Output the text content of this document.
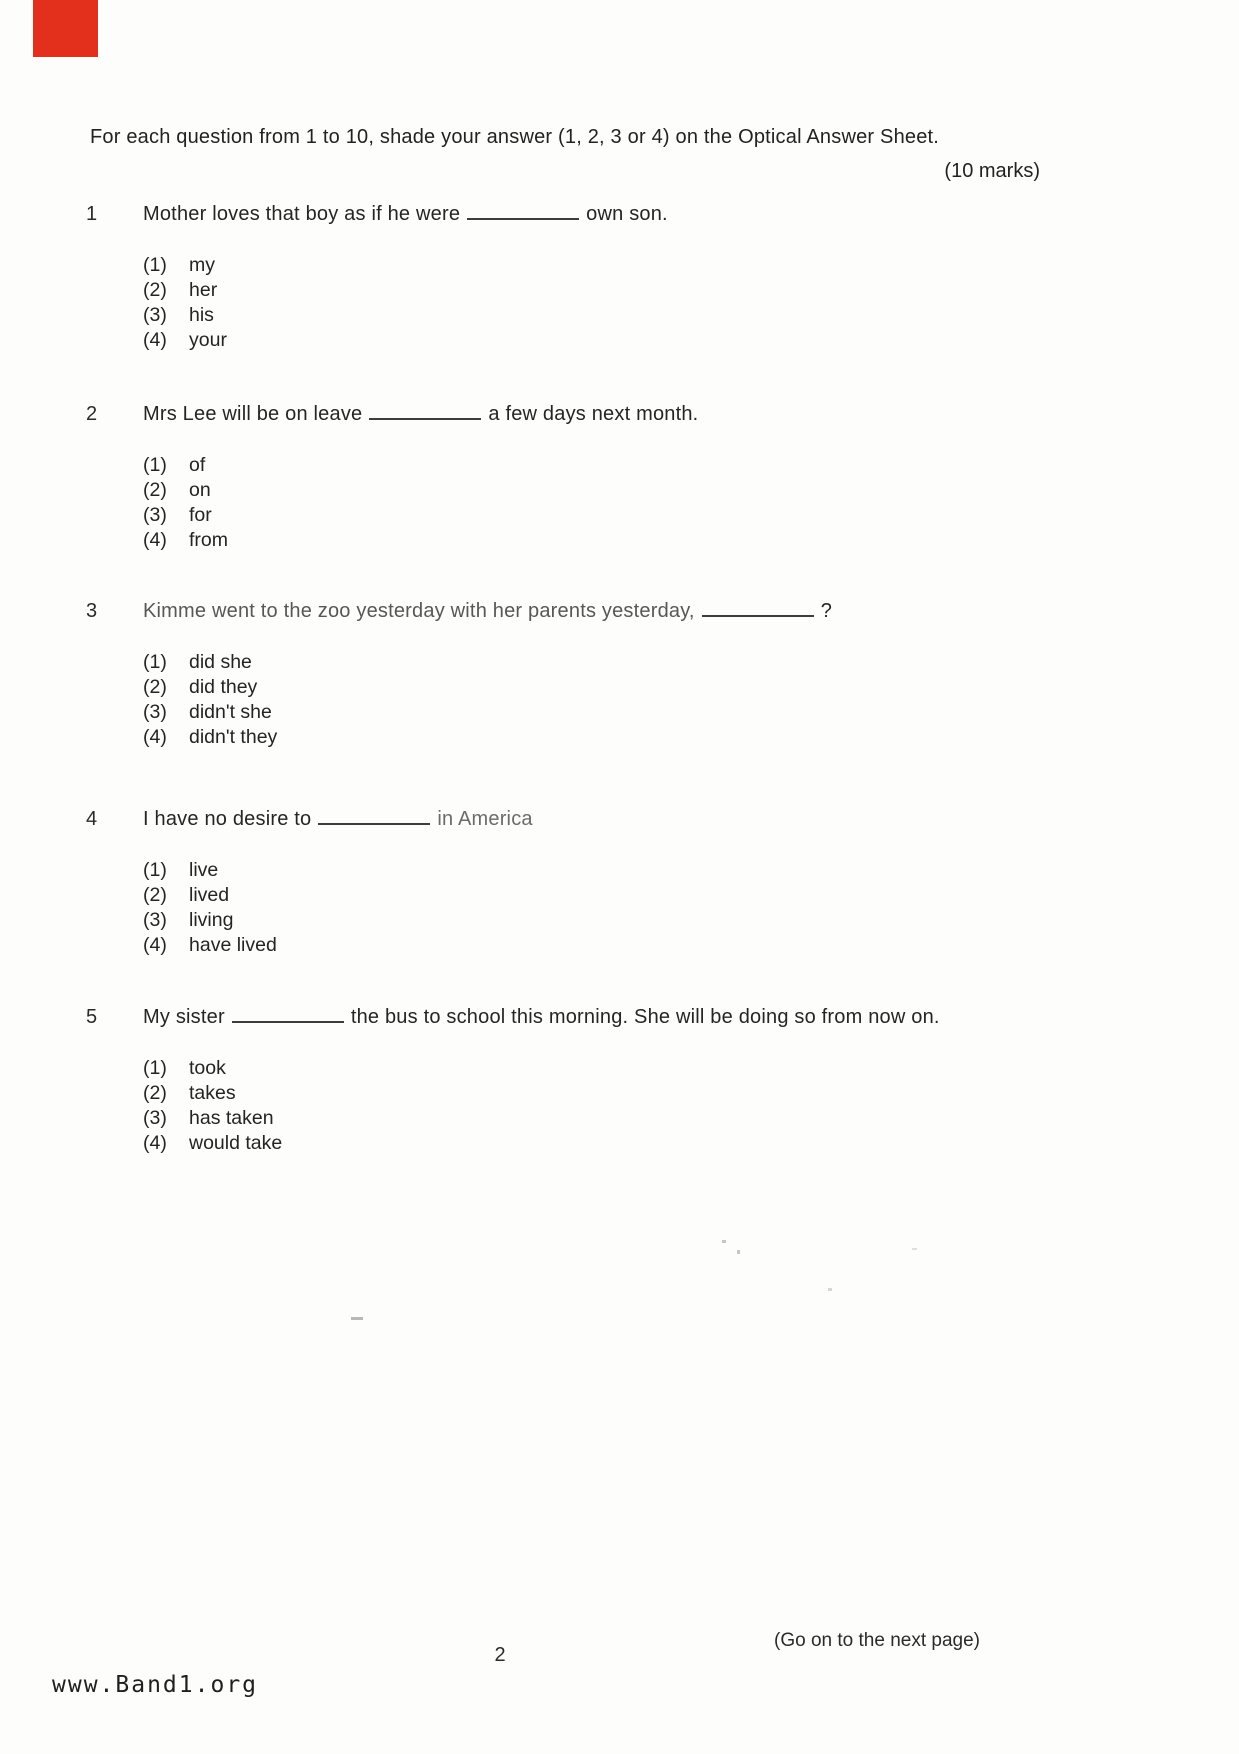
For each question from 1 to 10, shade your answer (1, 2, 3 or 4) on the Optical Answer Sheet.
(10 marks)
1	Mother loves that boy as if he were	own son.
(1)	my
(2)	her
(3)	his
(4)	your
2	Mrs Lee will be on leave	a few days next month.
(1)	of
(2)	on
(3)	for
(4)	from
3	Kimme went to the zoo yesterday with her parents yesterday,	?
(1)	did she
(2)	did they
(3)	didn't she
(4)	didn't they
4	I have no desire to	in America
(1)	live
(2)	lived
(3)	living
(4)	have lived
5	My sister	the bus to school this morning. She will be doing so from now on.
(1)	took
(2)	takes
(3)	has taken
(4)	would take
(Go on to the next page)
2
www.Band1.org
